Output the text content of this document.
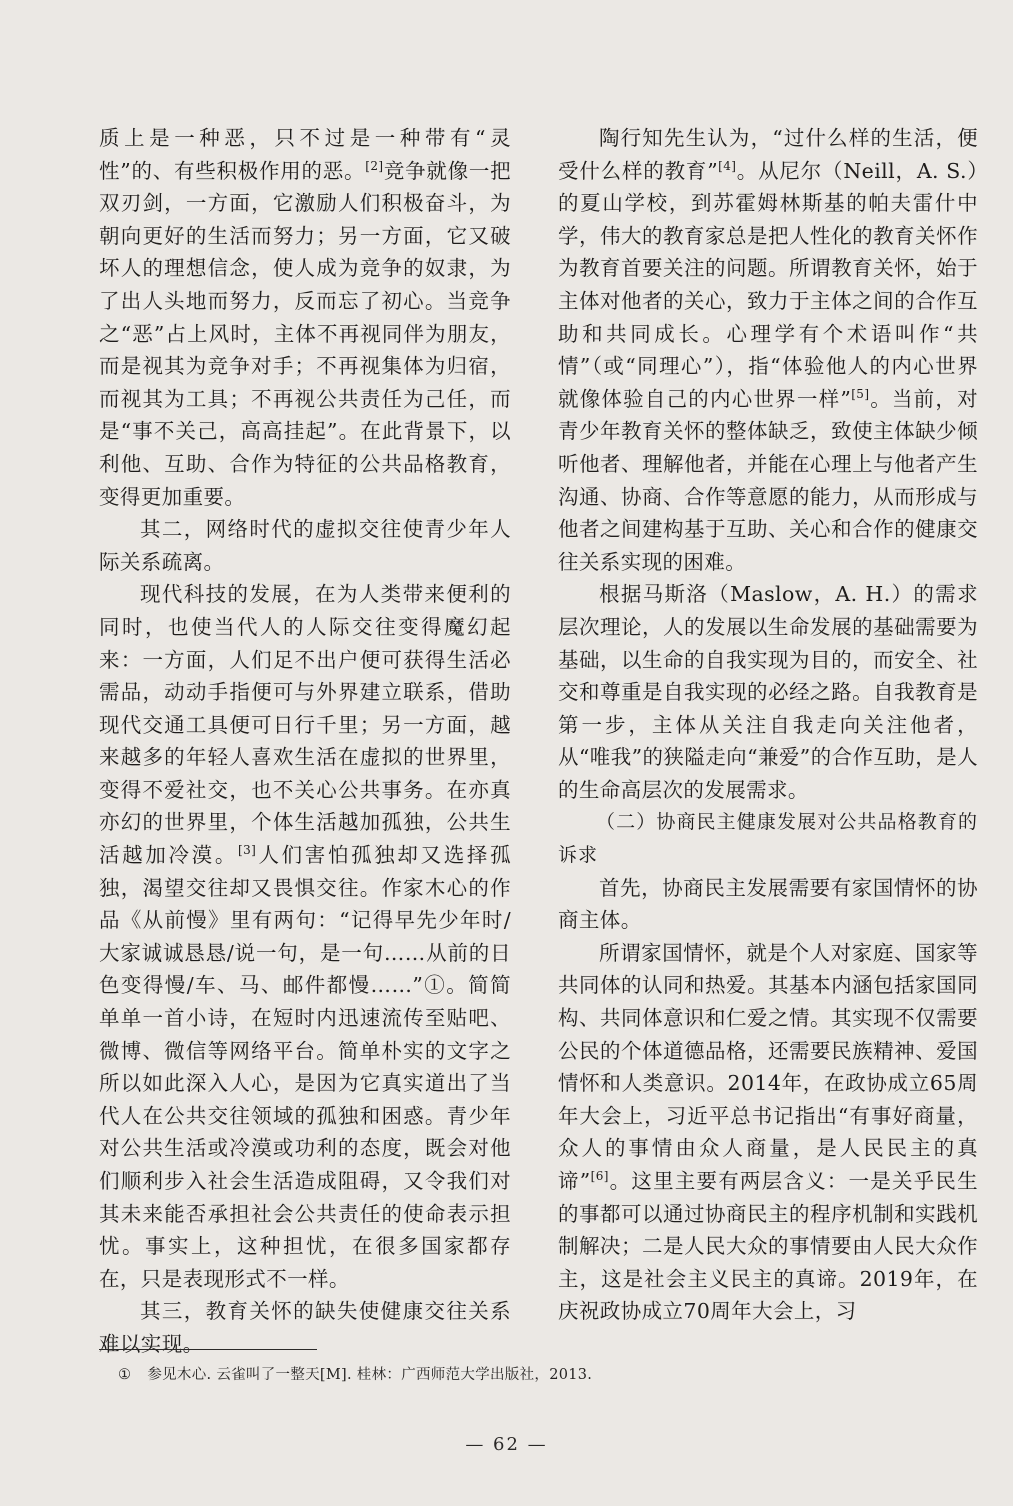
质上是一种恶，只不过是一种带有“灵性”的、有些积极作用的恶。[2]竞争就像一把双刃剑，一方面，它激励人们积极奋斗，为朝向更好的生活而努力；另一方面，它又破坏人的理想信念，使人成为竞争的奴隶，为了出人头地而努力，反而忘了初心。当竞争之“恶”占上风时，主体不再视同伴为朋友，而是视其为竞争对手；不再视集体为归宿，而视其为工具；不再视公共责任为己任，而是“事不关己，高高挂起”。在此背景下，以利他、互助、合作为特征的公共品格教育，变得更加重要。

其二，网络时代的虚拟交往使青少年人际关系疏离。

现代科技的发展，在为人类带来便利的同时，也使当代人的人际交往变得魔幻起来：一方面，人们足不出户便可获得生活必需品，动动手指便可与外界建立联系，借助现代交通工具便可日行千里；另一方面，越来越多的年轻人喜欢生活在虚拟的世界里，变得不爱社交，也不关心公共事务。在亦真亦幻的世界里，个体生活越加孤独，公共生活越加冷漠。[3]人们害怕孤独却又选择孤独，渴望交往却又畏惧交往。作家木心的作品《从前慢》里有两句：“记得早先少年时/大家诚诚恳恳/说一句，是一句……从前的日色变得慢/车、马、邮件都慢……”①。简简单单一首小诗，在短时内迅速流传至贴吧、微博、微信等网络平台。简单朴实的文字之所以如此深入人心，是因为它真实道出了当代人在公共交往领域的孤独和困惑。青少年对公共生活或冷漠或功利的态度，既会对他们顺利步入社会生活造成阻碍，又令我们对其未来能否承担社会公共责任的使命表示担忧。事实上，这种担忧，在很多国家都存在，只是表现形式不一样。

其三，教育关怀的缺失使健康交往关系难以实现。

陶行知先生认为，“过什么样的生活，便受什么样的教育”[4]。从尼尔（Neill，A. S.）的夏山学校，到苏霍姆林斯基的帕夫雷什中学，伟大的教育家总是把人性化的教育关怀作为教育首要关注的问题。所谓教育关怀，始于主体对他者的关心，致力于主体之间的合作互助和共同成长。心理学有个术语叫作“共情”（或“同理心”），指“体验他人的内心世界就像体验自己的内心世界一样”[5]。当前，对青少年教育关怀的整体缺乏，致使主体缺少倾听他者、理解他者，并能在心理上与他者产生沟通、协商、合作等意愿的能力，从而形成与他者之间建构基于互助、关心和合作的健康交往关系实现的困难。

根据马斯洛（Maslow，A. H.）的需求层次理论，人的发展以生命发展的基础需要为基础，以生命的自我实现为目的，而安全、社交和尊重是自我实现的必经之路。自我教育是第一步，主体从关注自我走向关注他者，从“唯我”的狭隘走向“兼爱”的合作互助，是人的生命高层次的发展需求。

（二）协商民主健康发展对公共品格教育的诉求

首先，协商民主发展需要有家国情怀的协商主体。

所谓家国情怀，就是个人对家庭、国家等共同体的认同和热爱。其基本内涵包括家国同构、共同体意识和仁爱之情。其实现不仅需要公民的个体道德品格，还需要民族精神、爱国情怀和人类意识。2014年，在政协成立65周年大会上，习近平总书记指出“有事好商量，众人的事情由众人商量，是人民民主的真谛”[6]。这里主要有两层含义：一是关乎民生的事都可以通过协商民主的程序机制和实践机制解决；二是人民大众的事情要由人民大众作主，这是社会主义民主的真谛。2019年，在庆祝政协成立70周年大会上，习

① 参见木心. 云雀叫了一整天[M]. 桂林：广西师范大学出版社，2013.
— 62 —
